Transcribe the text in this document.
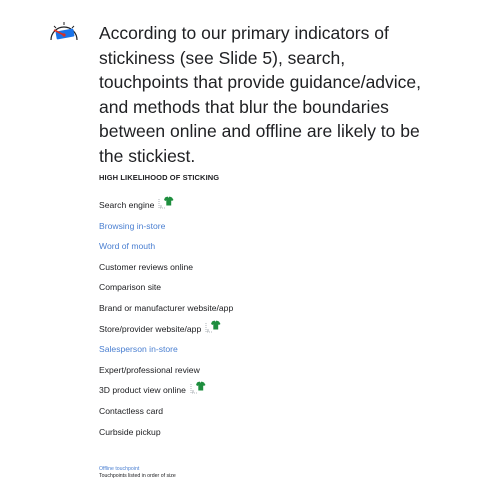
According to our primary indicators of stickiness (see Slide 5), search, touchpoints that provide guidance/advice, and methods that blur the boundaries between online and offline are likely to be the stickiest.

HIGH LIKELIHOOD OF STICKING
Search engine
Browsing in-store
Word of mouth
Customer reviews online
Comparison site
Brand or manufacturer website/app
Store/provider website/app
Salesperson in-store
Expert/professional review
3D product view online
Contactless card
Curbside pickup
Offline touchpoint
Touchpoints listed in order of size
